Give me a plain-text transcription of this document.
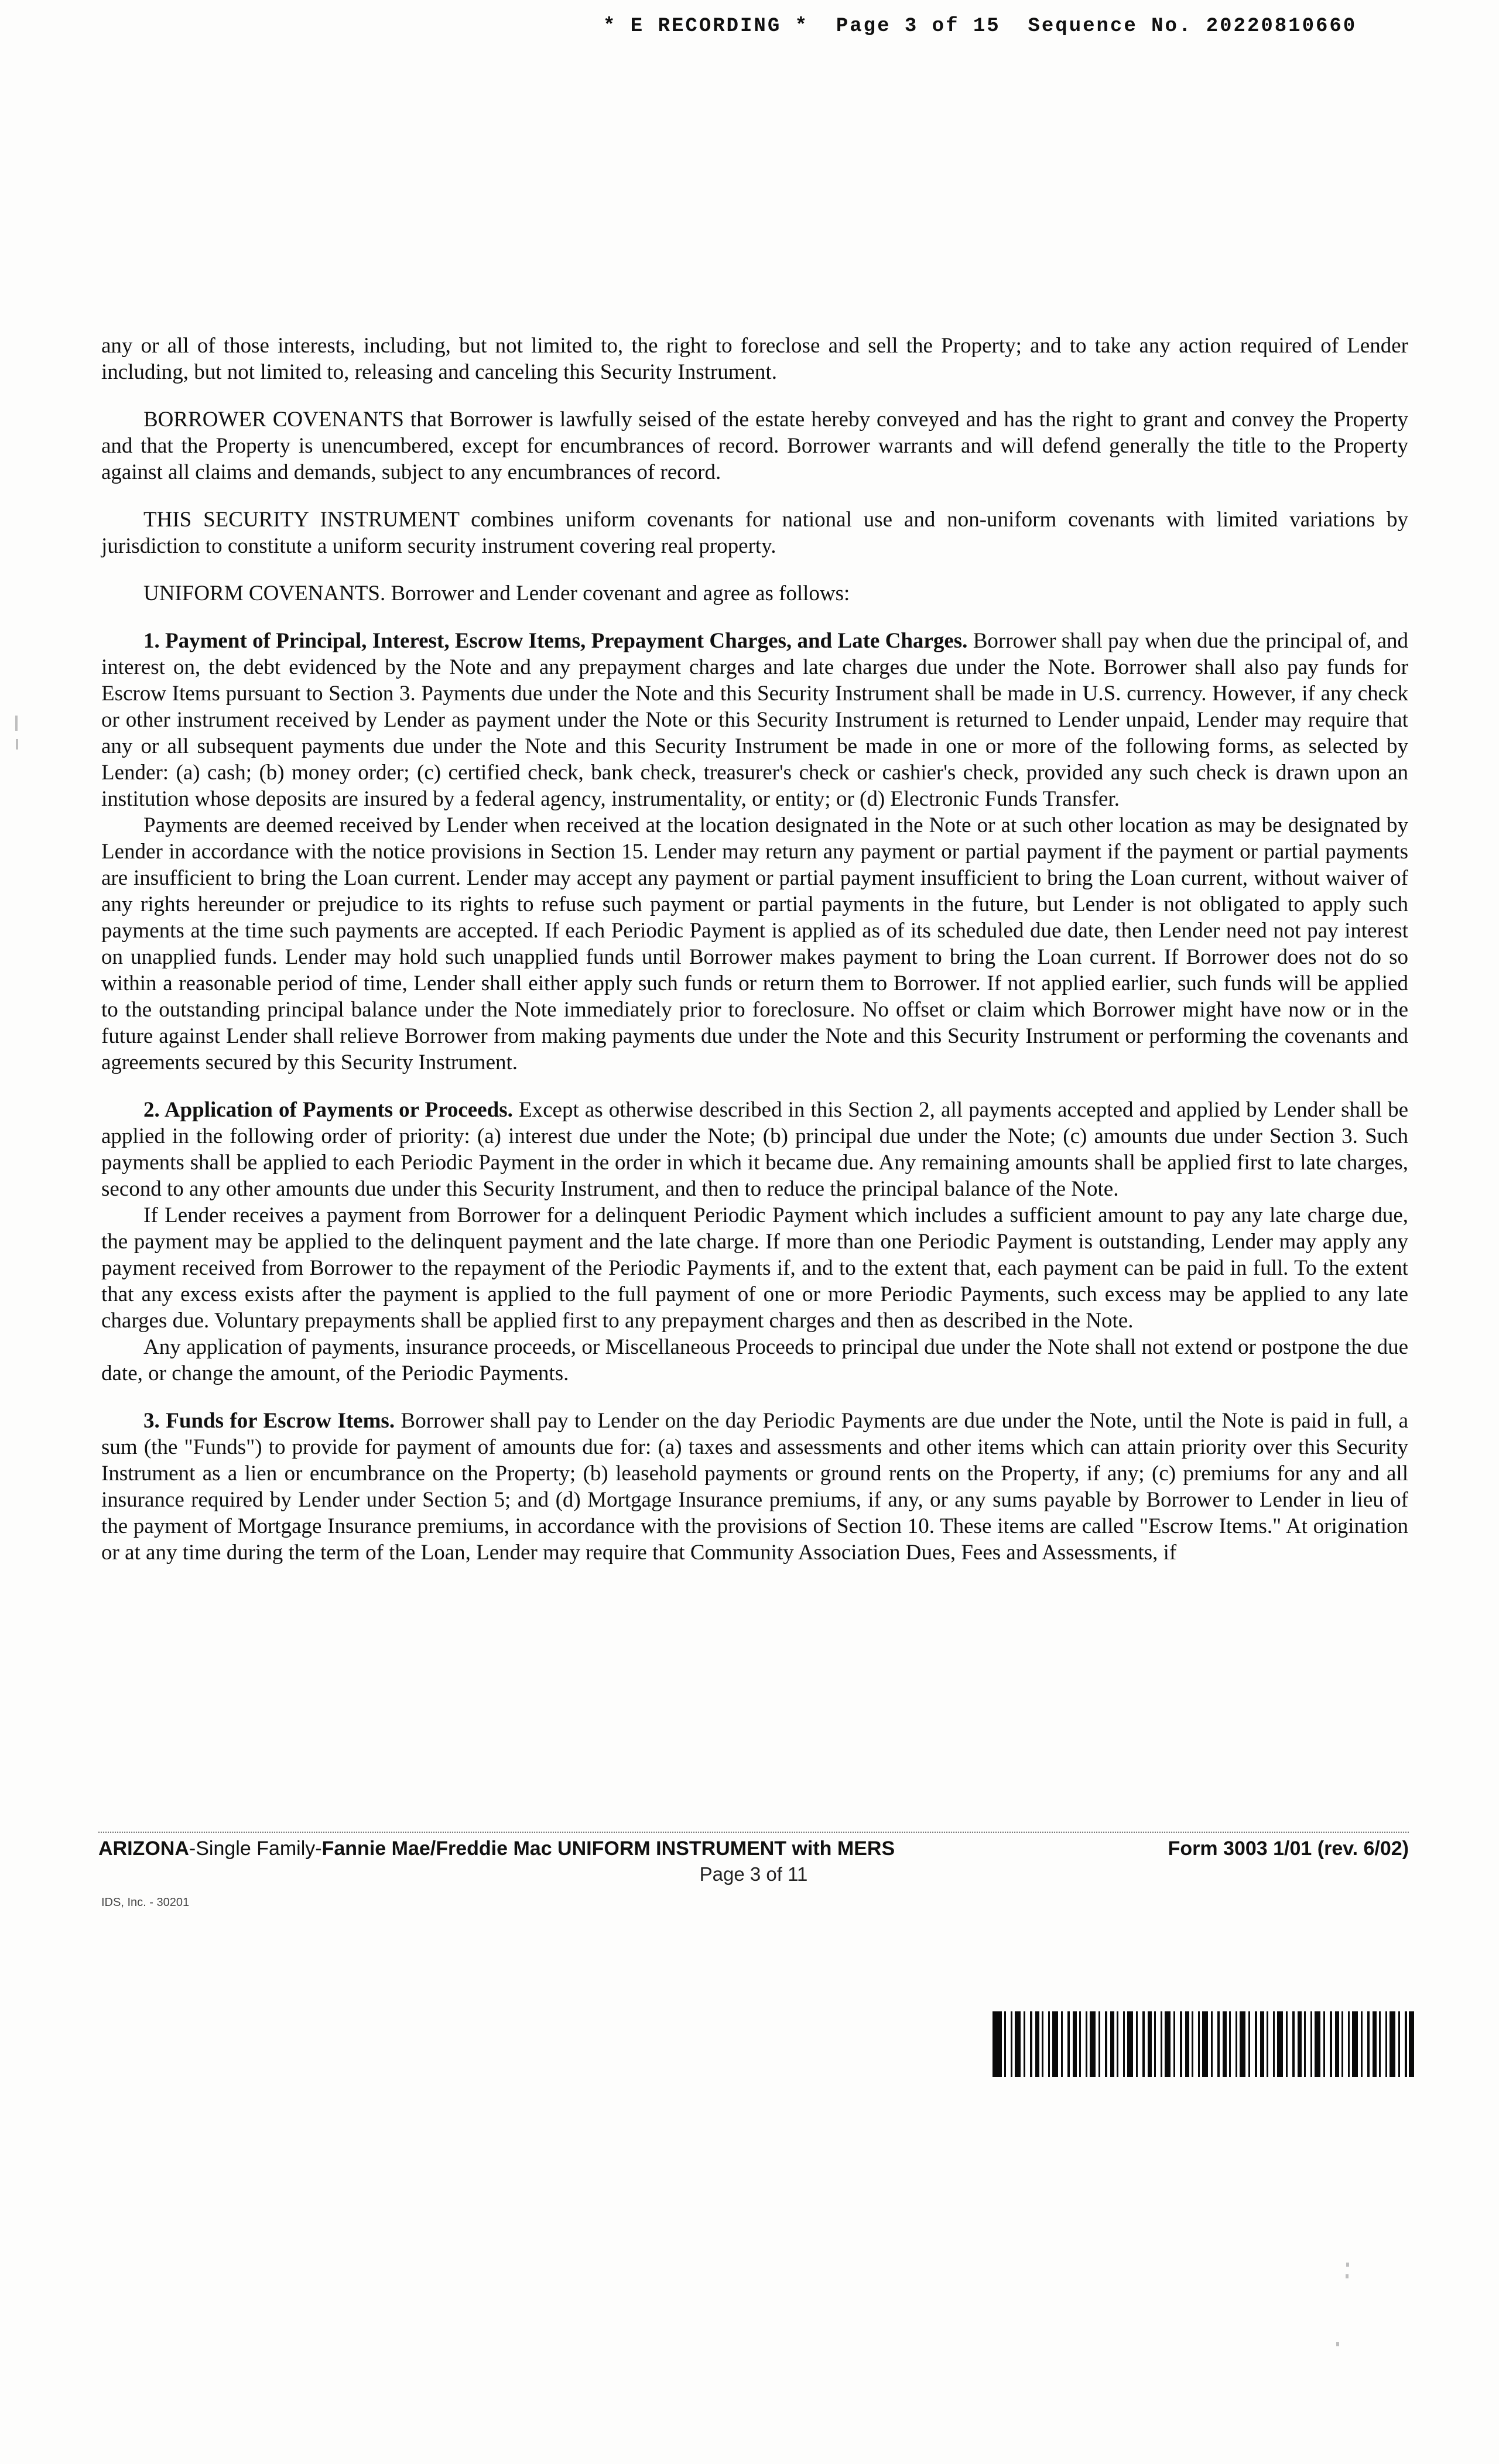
* E RECORDING *  Page 3 of 15  Sequence No. 20220810660

any or all of those interests, including, but not limited to, the right to foreclose and sell the Property; and to take any action required of Lender including, but not limited to, releasing and canceling this Security Instrument.

BORROWER COVENANTS that Borrower is lawfully seised of the estate hereby conveyed and has the right to grant and convey the Property and that the Property is unencumbered, except for encumbrances of record. Borrower warrants and will defend generally the title to the Property against all claims and demands, subject to any encumbrances of record.

THIS SECURITY INSTRUMENT combines uniform covenants for national use and non-uniform covenants with limited variations by jurisdiction to constitute a uniform security instrument covering real property.

UNIFORM COVENANTS. Borrower and Lender covenant and agree as follows:

1. Payment of Principal, Interest, Escrow Items, Prepayment Charges, and Late Charges. Borrower shall pay when due the principal of, and interest on, the debt evidenced by the Note and any prepayment charges and late charges due under the Note. Borrower shall also pay funds for Escrow Items pursuant to Section 3. Payments due under the Note and this Security Instrument shall be made in U.S. currency. However, if any check or other instrument received by Lender as payment under the Note or this Security Instrument is returned to Lender unpaid, Lender may require that any or all subsequent payments due under the Note and this Security Instrument be made in one or more of the following forms, as selected by Lender: (a) cash; (b) money order; (c) certified check, bank check, treasurer's check or cashier's check, provided any such check is drawn upon an institution whose deposits are insured by a federal agency, instrumentality, or entity; or (d) Electronic Funds Transfer.

Payments are deemed received by Lender when received at the location designated in the Note or at such other location as may be designated by Lender in accordance with the notice provisions in Section 15. Lender may return any payment or partial payment if the payment or partial payments are insufficient to bring the Loan current. Lender may accept any payment or partial payment insufficient to bring the Loan current, without waiver of any rights hereunder or prejudice to its rights to refuse such payment or partial payments in the future, but Lender is not obligated to apply such payments at the time such payments are accepted. If each Periodic Payment is applied as of its scheduled due date, then Lender need not pay interest on unapplied funds. Lender may hold such unapplied funds until Borrower makes payment to bring the Loan current. If Borrower does not do so within a reasonable period of time, Lender shall either apply such funds or return them to Borrower. If not applied earlier, such funds will be applied to the outstanding principal balance under the Note immediately prior to foreclosure. No offset or claim which Borrower might have now or in the future against Lender shall relieve Borrower from making payments due under the Note and this Security Instrument or performing the covenants and agreements secured by this Security Instrument.

2. Application of Payments or Proceeds. Except as otherwise described in this Section 2, all payments accepted and applied by Lender shall be applied in the following order of priority: (a) interest due under the Note; (b) principal due under the Note; (c) amounts due under Section 3. Such payments shall be applied to each Periodic Payment in the order in which it became due. Any remaining amounts shall be applied first to late charges, second to any other amounts due under this Security Instrument, and then to reduce the principal balance of the Note.

If Lender receives a payment from Borrower for a delinquent Periodic Payment which includes a sufficient amount to pay any late charge due, the payment may be applied to the delinquent payment and the late charge. If more than one Periodic Payment is outstanding, Lender may apply any payment received from Borrower to the repayment of the Periodic Payments if, and to the extent that, each payment can be paid in full. To the extent that any excess exists after the payment is applied to the full payment of one or more Periodic Payments, such excess may be applied to any late charges due. Voluntary prepayments shall be applied first to any prepayment charges and then as described in the Note.

Any application of payments, insurance proceeds, or Miscellaneous Proceeds to principal due under the Note shall not extend or postpone the due date, or change the amount, of the Periodic Payments.

3. Funds for Escrow Items. Borrower shall pay to Lender on the day Periodic Payments are due under the Note, until the Note is paid in full, a sum (the "Funds") to provide for payment of amounts due for: (a) taxes and assessments and other items which can attain priority over this Security Instrument as a lien or encumbrance on the Property; (b) leasehold payments or ground rents on the Property, if any; (c) premiums for any and all insurance required by Lender under Section 5; and (d) Mortgage Insurance premiums, if any, or any sums payable by Borrower to Lender in lieu of the payment of Mortgage Insurance premiums, in accordance with the provisions of Section 10. These items are called "Escrow Items." At origination or at any time during the term of the Loan, Lender may require that Community Association Dues, Fees and Assessments, if

ARIZONA-Single Family-Fannie Mae/Freddie Mac UNIFORM INSTRUMENT with MERS	Form 3003 1/01 (rev. 6/02)
Page 3 of 11
IDS, Inc. - 30201
